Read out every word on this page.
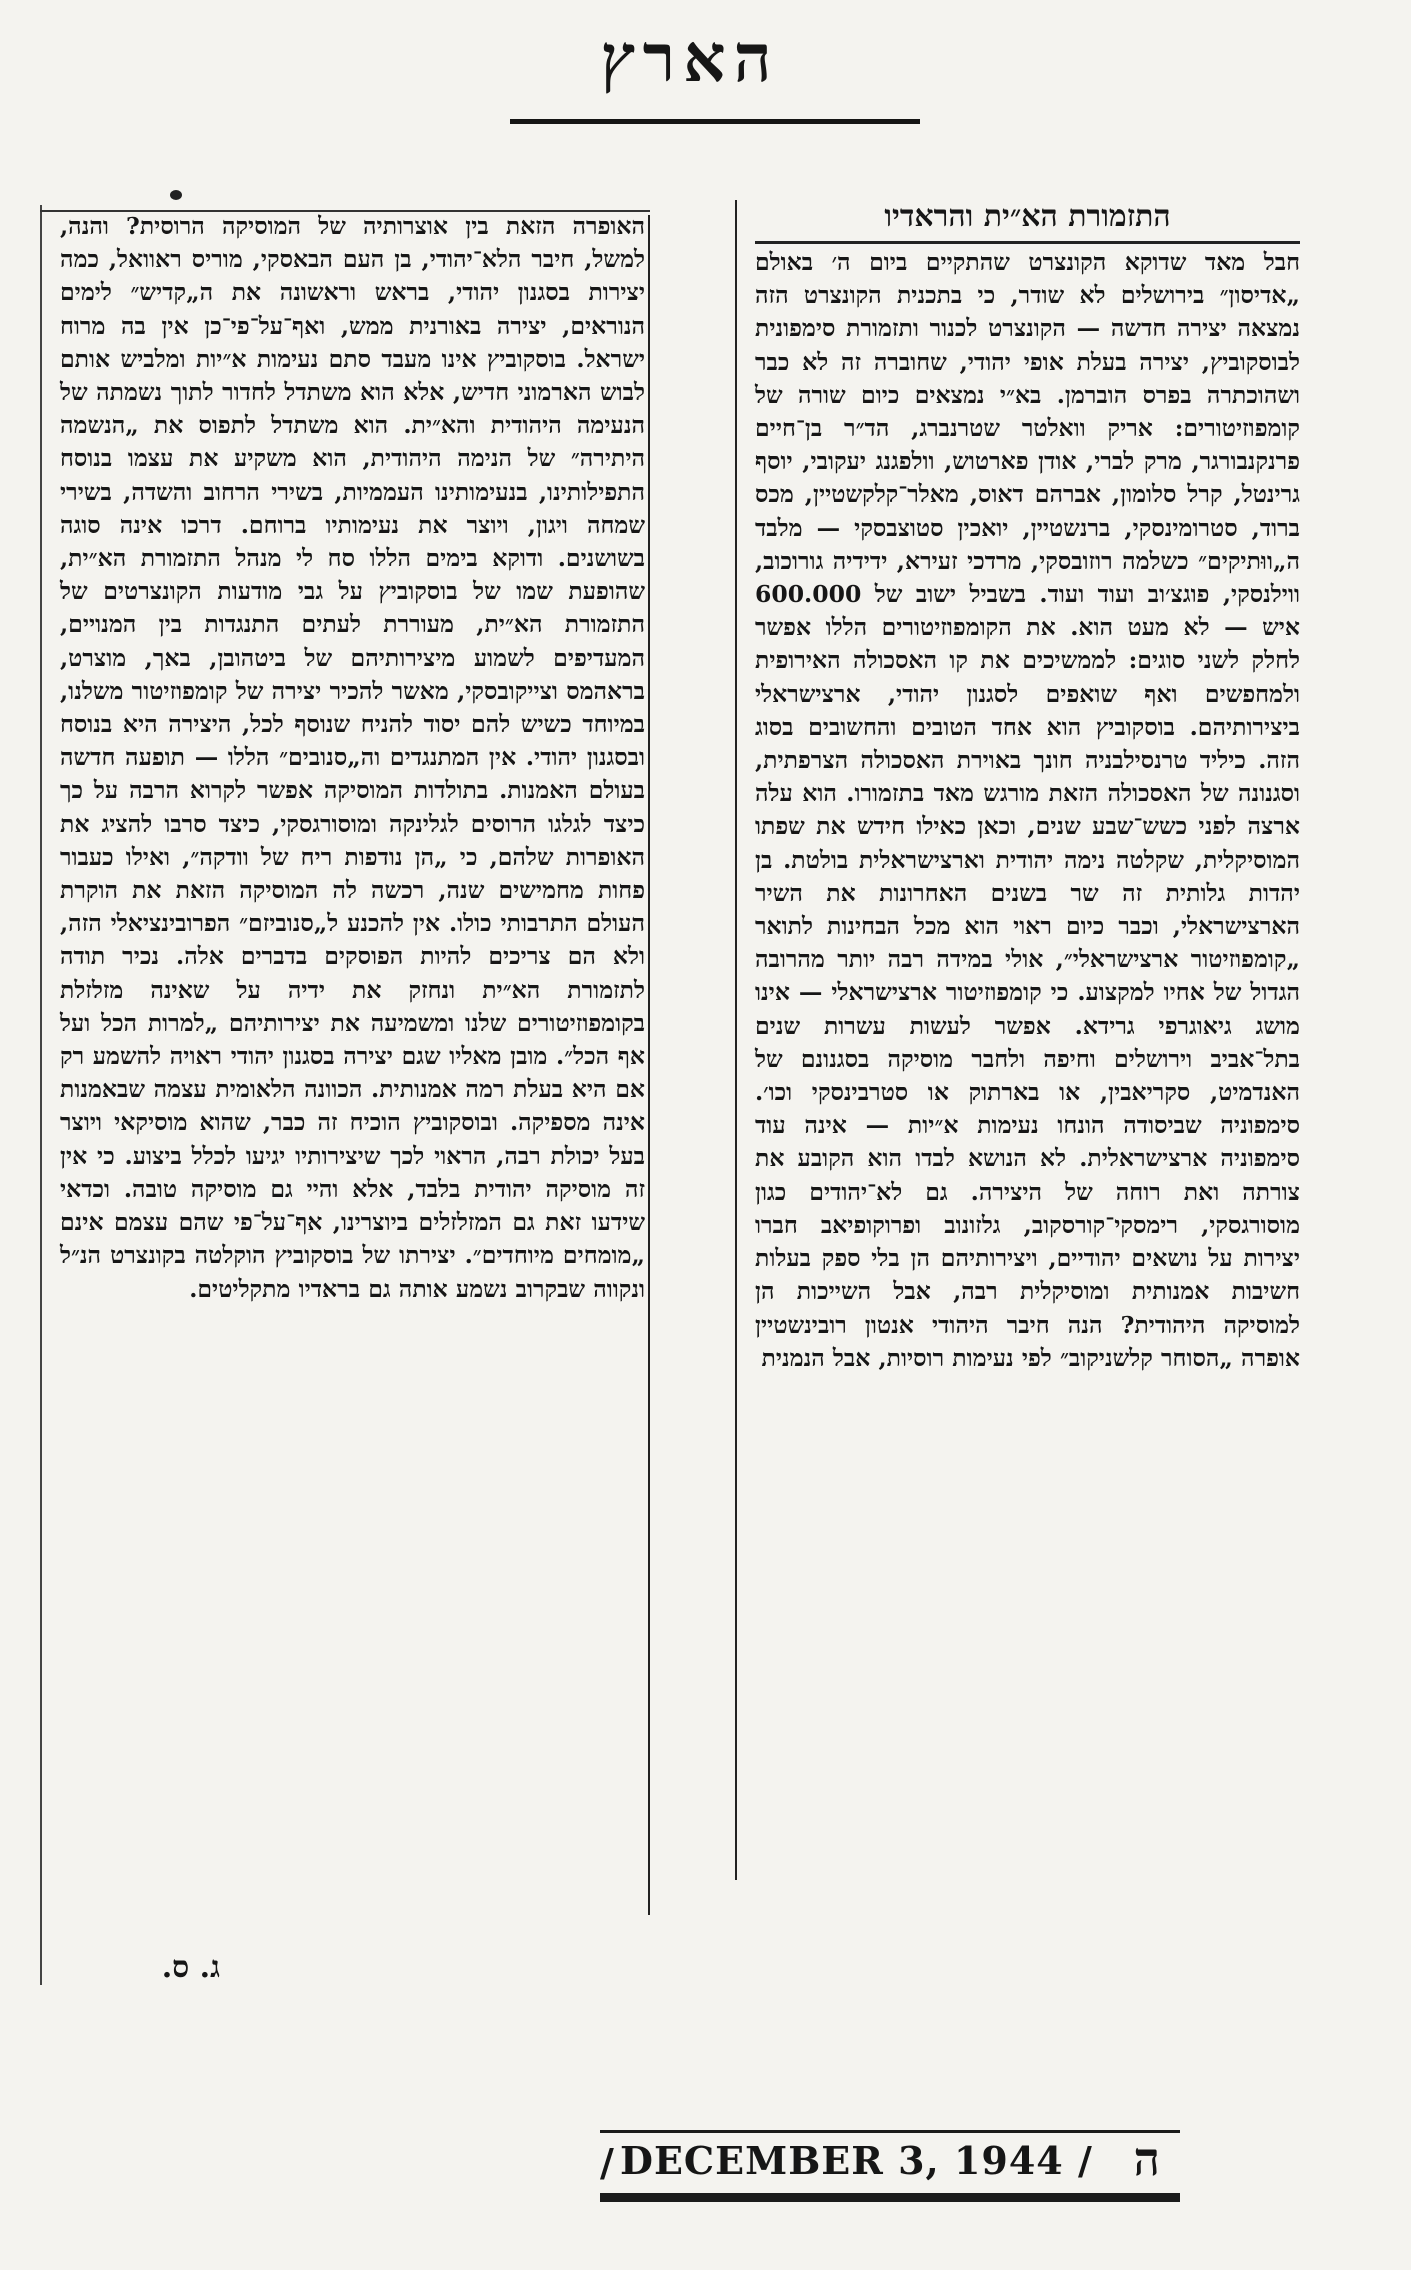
הארץ
התזמורת הא״ית והראדיו

חבל מאד שדוקא הקונצרט שהתקיים ביום ה׳ באולם „אדיסון״ בירושלים לא שודר, כי בתכנית הקונצרט הזה נמצאה יצירה חדשה — הקונצרט לכנור ותזמורת סימפונית לבוסקוביץ, יצירה בעלת אופי יהודי, שחוברה זה לא כבר ושהוכתרה בפרס הוברמן. בא״י נמצאים כיום שורה של קומפוזיטורים: אריק וואלטר שטרנברג, הד״ר בן־חיים פרנקנבורגר, מרק לברי, אודן פארטוש, וולפגנג יעקובי, יוסף גרינטל, קרל סלומון, אברהם דאוס, מאלר־קלקשטיין, מכס ברוד, סטרומינסקי, ברנשטיין, יואכין סטוצבסקי — מלבד ה„ווּתיקים״ כשלמה רוזובסקי, מרדכי זעירא, ידידיה גורוכוב, ווילנסקי, פוגצ׳וב ועוד ועוד. בשביל ישוב של 600.000 איש — לא מעט הוא. את הקומפוזיטורים הללו אפשר לחלק לשני סוגים: לממשיכים את קו האסכולה האירופית ולמחפשים ואף שואפים לסגנון יהודי, ארצישראלי ביצירותיהם. בוסקוביץ הוא אחד הטובים והחשובים בסוג הזה. כיליד טרנסילבניה חונך באוירת האסכולה הצרפתית, וסגנונה של האסכולה הזאת מורגש מאד בתזמורו. הוא עלה ארצה לפני כשש־שבע שנים, וכאן כאילו חידש את שפתו המוסיקלית, שקלטה נימה יהודית וארצישראלית בולטת. בן יהדות גלותית זה שר בשנים האחרונות את השיר הארצישראלי, וכבר כיום ראוי הוא מכל הבחינות לתואר „קומפוזיטור ארצישראלי״, אולי במידה רבה יותר מהרובה הגדול של אחיו למקצוע. כי קומפוזיטור ארצישראלי — אינו מושג גיאוגרפי גרידא. אפשר לעשות עשרות שנים בתל־אביב וירושלים וחיפה ולחבר מוסיקה בסגנונם של האנדמיט, סקריאבין, או בארתוק או סטרבינסקי וכו׳. סימפוניה שביסודה הונחו נעימות א״יות — אינה עוד סימפוניה ארצישראלית. לא הנושא לבדו הוא הקובע את צורתה ואת רוחה של היצירה. גם לא־יהודים כגון מוסורגסקי, רימסקי־קורסקוב, גלזונוב ופרוקופיאב חברו יצירות על נושאים יהודיים, ויצירותיהם הן בלי ספק בעלות חשיבות אמנותית ומוסיקלית רבה, אבל השייכות הן למוסיקה היהודית? הנה חיבר היהודי אנטון רובינשטיין אופרה „הסוחר קלשניקוב״ לפי נעימות רוסיות, אבל הנמנית

האופרה הזאת בין אוצרותיה של המוסיקה הרוסית? והנה, למשל, חיבר הלא־יהודי, בן העם הבאסקי, מוריס ראוואל, כמה יצירות בסגנון יהודי, בראש וראשונה את ה„קדיש״ לימים הנוראים, יצירה באורנית ממש, ואף־על־פי־כן אין בה מרוח ישראל. בוסקוביץ אינו מעבד סתם נעימות א״יות ומלביש אותם לבוש הארמוני חדיש, אלא הוא משתדל לחדור לתוך נשמתה של הנעימה היהודית והא״ית. הוא משתדל לתפוס את „הנשמה היתירה״ של הנימה היהודית, הוא משקיע את עצמו בנוסח התפילותינו, בנעימותינו העממיות, בשירי הרחוב והשדה, בשירי שמחה ויגון, ויוצר את נעימותיו ברוחם. דרכו אינה סוגה בשושנים. ודוקא בימים הללו סח לי מנהל התזמורת הא״ית, שהופעת שמו של בוסקוביץ על גבי מודעות הקונצרטים של התזמורת הא״ית, מעוררת לעתים התנגדות בין המנויים, המעדיפים לשמוע מיצירותיהם של ביטהובן, באך, מוצרט, בראהמס וצייקובסקי, מאשר להכיר יצירה של קומפוזיטור משלנו, במיוחד כשיש להם יסוד להניח שנוסף לכל, היצירה היא בנוסח ובסגנון יהודי. אין המתנגדים וה„סנובים״ הללו — תופעה חדשה בעולם האמנות. בתולדות המוסיקה אפשר לקרוא הרבה על כך כיצד לגלגו הרוסים לגלינקה ומוסורגסקי, כיצד סרבו להציג את האופרות שלהם, כי „הן נודפות ריח של וודקה״, ואילו כעבור פחות מחמישים שנה, רכשה לה המוסיקה הזאת את הוקרת העולם התרבותי כולו. אין להכנע ל„סנוביזם״ הפרובינציאלי הזה, ולא הם צריכים להיות הפוסקים בדברים אלה. נכיר תודה לתזמורת הא״ית ונחזק את ידיה על שאינה מזלזלת בקומפוזיטורים שלנו ומשמיעה את יצירותיהם „למרות הכל ועל אף הכל״. מובן מאליו שגם יצירה בסגנון יהודי ראויה להשמע רק אם היא בעלת רמה אמנותית. הכוונה הלאומית עצמה שבאמנות אינה מספיקה. ובוסקוביץ הוכיח זה כבר, שהוא מוסיקאי ויוצר בעל יכולת רבה, הראוי לכך שיצירותיו יגיעו לכלל ביצוע. כי אין זה מוסיקה יהודית בלבד, אלא והיי גם מוסיקה טובה. וכדאי שידעו זאת גם המזלזלים ביוצרינו, אף־על־פי שהם עצמם אינם „מומחים מיוחדים״. יצירתו של בוסקוביץ הוקלטה בקונצרט הנ״ל ונקווה שבקרוב נשמע אותה גם בראדיו מתקליטים.

ג. ס.
/ DECEMBER 3, 1944 / ה
